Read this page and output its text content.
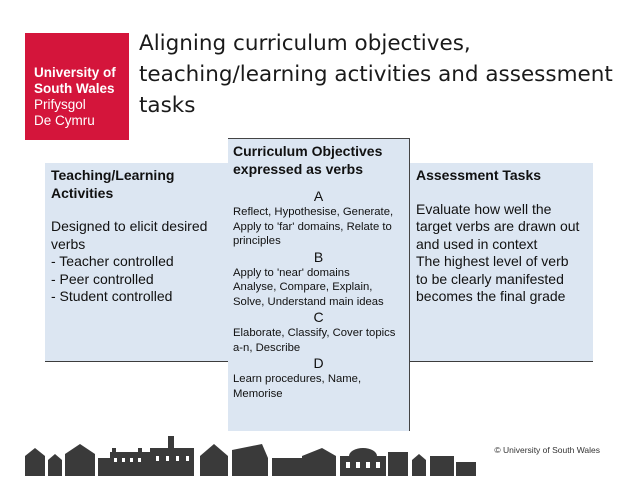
University of
South Wales
Prifysgol
De Cymru
Aligning curriculum objectives,
teaching/learning activities and assessment
tasks
Teaching/Learning
Activities
Designed to elicit desired
verbs
- Teacher controlled
- Peer controlled
- Student controlled
Assessment Tasks
Evaluate how well the
target verbs are drawn out
and used in context
The highest level of verb
to be clearly manifested
becomes the final grade
Curriculum Objectives
expressed as verbs
A
Reflect, Hypothesise, Generate,
Apply to 'far' domains, Relate to
principles
B
Apply to 'near' domains
Analyse, Compare, Explain,
Solve, Understand main ideas
C
Elaborate, Classify, Cover topics
a-n, Describe
D
Learn procedures, Name,
Memorise
© University of South Wales
